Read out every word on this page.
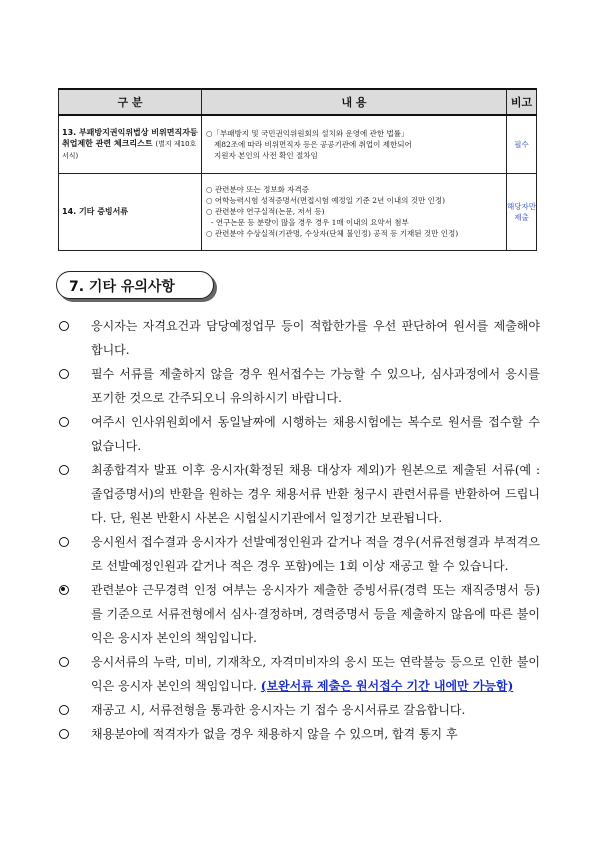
구 분	내 용	비고
13. 부패방지권익위법상 비위면직자등 취업제한 관련 체크리스트 (별지 제10호 서식)	○「부패방지 및 국민권익위원회의 설치와 운영에 관한 법률」
제82조에 따라 비위면직자 등은 공공기관에 취업이 제한되어
지원자 본인의 사전 확인 절차임	필수
14. 기타 증빙서류	○ 관련분야 또는 정보화 자격증
○ 어학능력시험 성적증명서(면접시험 예정일 기준 2년 이내의 것만 인정)
○ 관련분야 연구실적(논문, 저서 등)
- 연구논문 등 분량이 많을 경우 경우 1매 이내의 요약서 첨부
○ 관련분야 수상실적(기관명, 수상자(단체 불인정) 공적 등 기재된 것만 인정)	해당자만 제출
7. 기타 유의사항
응시자는 자격요건과 담당예정업무 등이 적합한가를 우선 판단하여 원서를 제출해야 합니다.
필수 서류를 제출하지 않을 경우 원서접수는 가능할 수 있으나, 심사과정에서 응시를 포기한 것으로 간주되오니 유의하시기 바랍니다.
여주시 인사위원회에서 동일날짜에 시행하는 채용시험에는 복수로 원서를 접수할 수 없습니다.
최종합격자 발표 이후 응시자(확정된 채용 대상자 제외)가 원본으로 제출된 서류(예 : 졸업증명서)의 반환을 원하는 경우 채용서류 반환 청구시 관련서류를 반환하여 드립니다. 단, 원본 반환시 사본은 시험실시기관에서 일정기간 보관됩니다.
응시원서 접수결과 응시자가 선발예정인원과 같거나 적을 경우(서류전형결과 부적격으로 선발예정인원과 같거나 적은 경우 포함)에는 1회 이상 재공고 할 수 있습니다.
관련분야 근무경력 인정 여부는 응시자가 제출한 증빙서류(경력 또는 재직증명서 등)를 기준으로 서류전형에서 심사·결정하며, 경력증명서 등을 제출하지 않음에 따른 불이익은 응시자 본인의 책임입니다.
응시서류의 누락, 미비, 기재착오, 자격미비자의 응시 또는 연락불능 등으로 인한 불이익은 응시자 본인의 책임입니다. (보완서류 제출은 원서접수 기간 내에만 가능함)
재공고 시, 서류전형을 통과한 응시자는 기 접수 응시서류로 갈음합니다.
채용분야에 적격자가 없을 경우 채용하지 않을 수 있으며, 합격 통지 후
